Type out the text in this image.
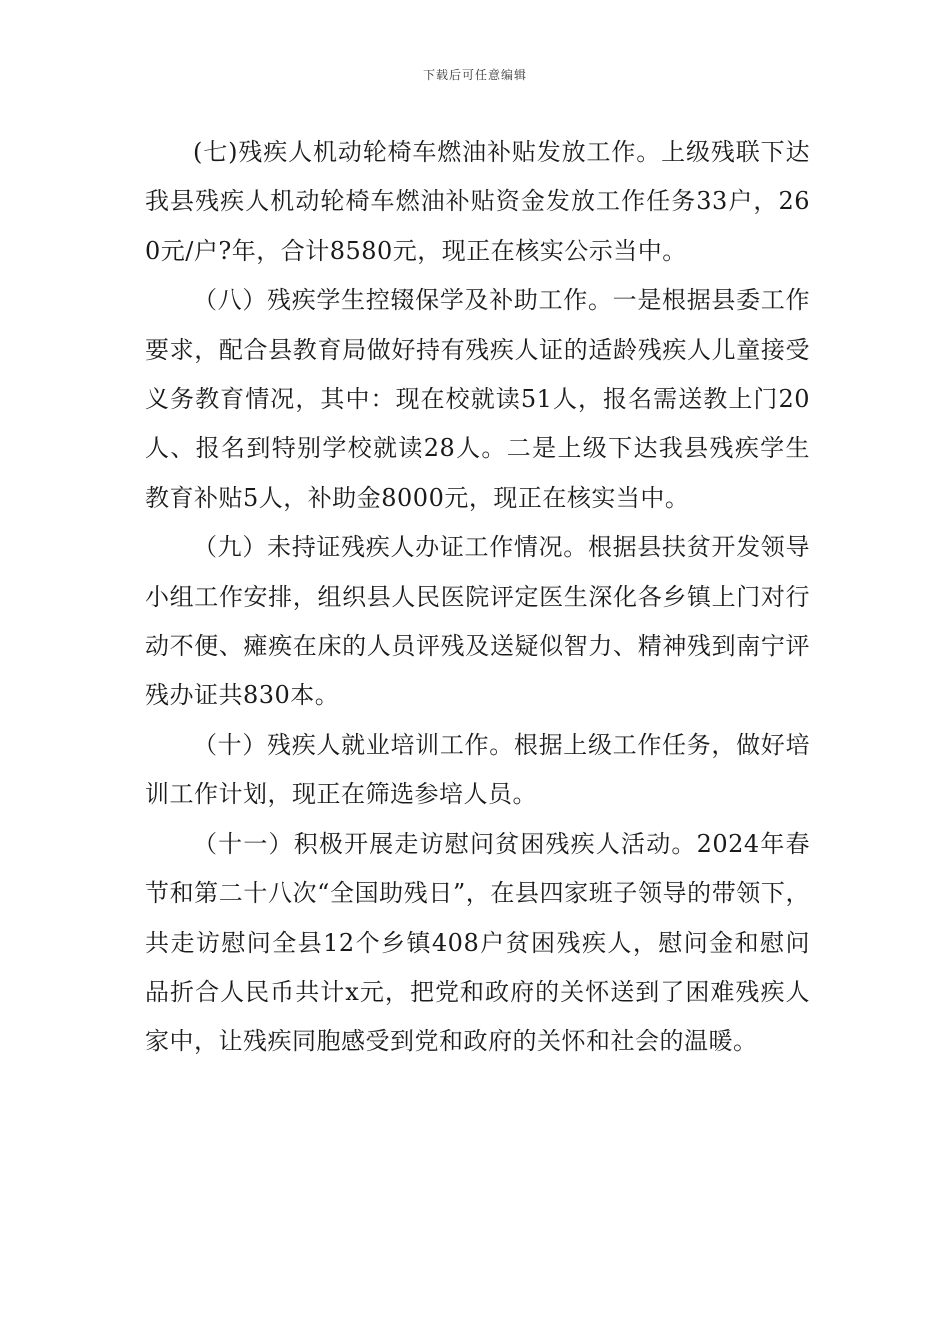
下载后可任意编辑

(七)残疾人机动轮椅车燃油补贴发放工作。上级残联下达我县残疾人机动轮椅车燃油补贴资金发放工作任务33户，260元/户?年，合计8580元，现正在核实公示当中。

（八）残疾学生控辍保学及补助工作。一是根据县委工作要求，配合县教育局做好持有残疾人证的适龄残疾人儿童接受义务教育情况，其中：现在校就读51人，报名需送教上门20人、报名到特别学校就读28人。二是上级下达我县残疾学生教育补贴5人，补助金8000元，现正在核实当中。

（九）未持证残疾人办证工作情况。根据县扶贫开发领导小组工作安排，组织县人民医院评定医生深化各乡镇上门对行动不便、瘫痪在床的人员评残及送疑似智力、精神残到南宁评残办证共830本。

（十）残疾人就业培训工作。根据上级工作任务，做好培训工作计划，现正在筛选参培人员。

（十一）积极开展走访慰问贫困残疾人活动。2024年春节和第二十八次“全国助残日”，在县四家班子领导的带领下，共走访慰问全县12个乡镇408户贫困残疾人，慰问金和慰问品折合人民币共计x元，把党和政府的关怀送到了困难残疾人家中，让残疾同胞感受到党和政府的关怀和社会的温暖。
